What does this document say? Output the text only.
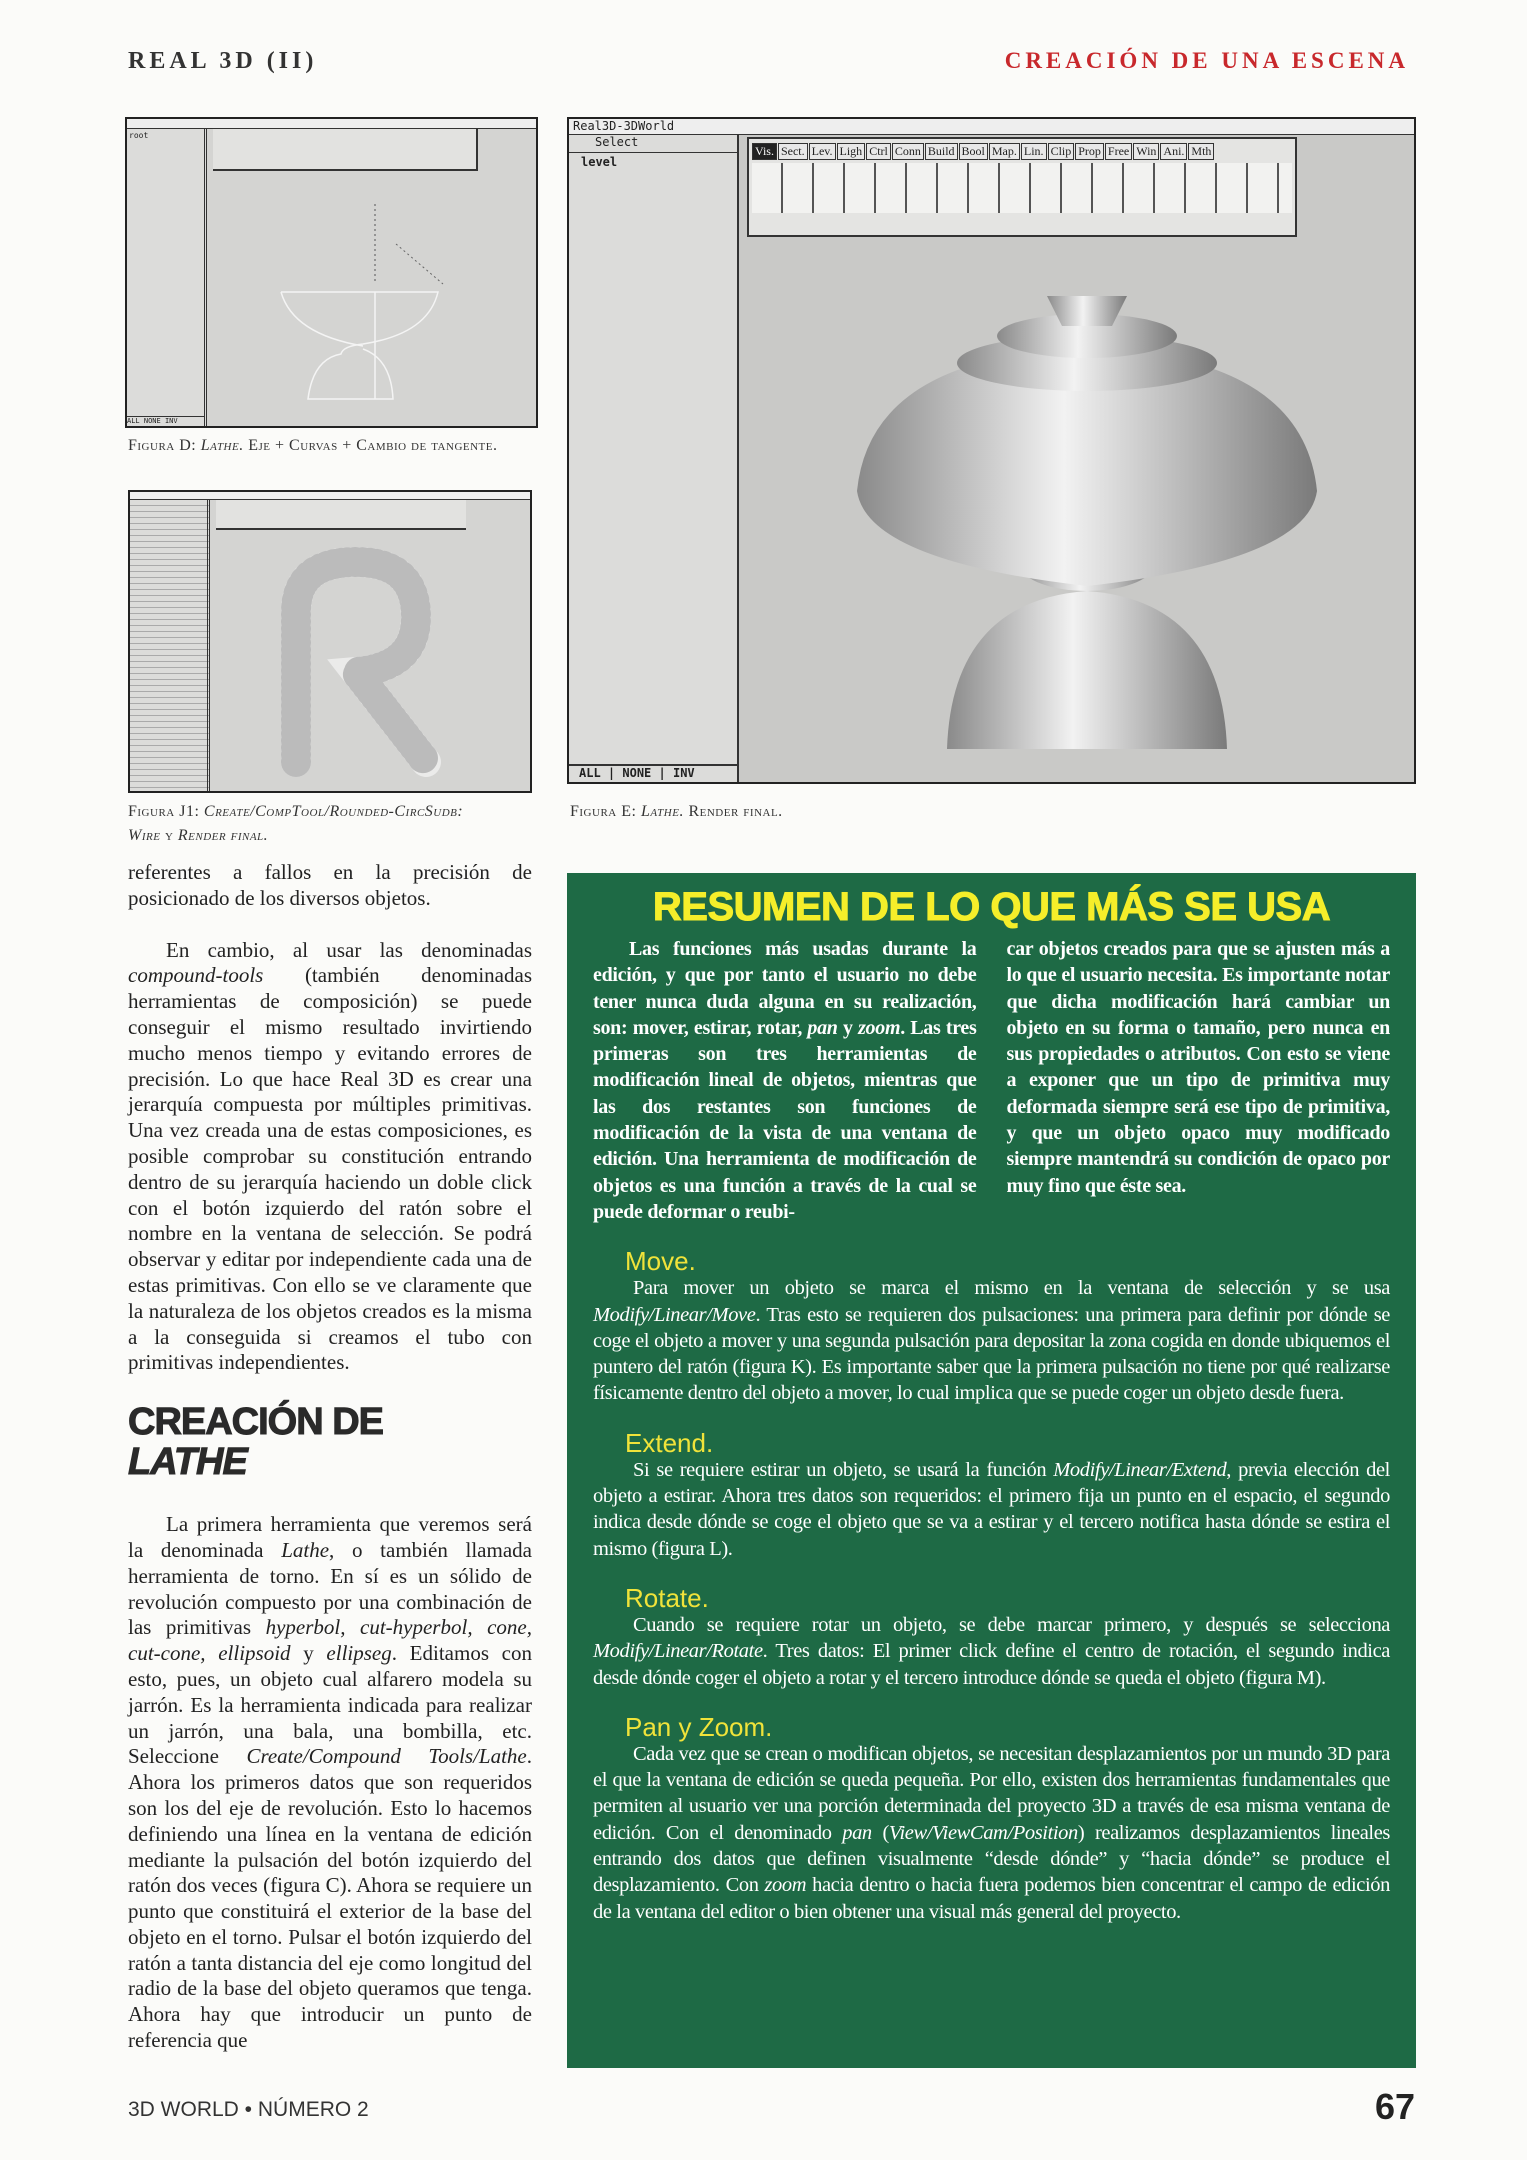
REAL 3D (II)	CREACIÓN DE UNA ESCENA
root
ALL NONE INV
Figura D: Lathe. Eje + Curvas + Cambio de tangente.
Figura J1: Create/CompTool/Rounded-CircSudb:
Wire y Render final.
Real3D-3DWorld
Select
level
ALL | NONE | INV
Vis. Sect. Lev. Ligh Ctrl Conn Build Bool Map. Lin. Clip Prop Free Win Ani. Mth
Figura E: Lathe. Render final.
referentes a fallos en la precisión de posicionado de los diversos objetos.

En cambio, al usar las denominadas compound-tools (también denominadas herramientas de composición) se puede conseguir el mismo resultado invirtiendo mucho menos tiempo y evitando errores de precisión. Lo que hace Real 3D es crear una jerarquía compuesta por múltiples primitivas. Una vez creada una de estas composiciones, es posible comprobar su constitución entrando dentro de su jerarquía haciendo un doble click con el botón izquierdo del ratón sobre el nombre en la ventana de selección. Se podrá observar y editar por independiente cada una de estas primitivas. Con ello se ve claramente que la naturaleza de los objetos creados es la misma a la conseguida si creamos el tubo con primitivas independientes.

CREACIÓN DE
LATHE

La primera herramienta que veremos será la denominada Lathe, o también llamada herramienta de torno. En sí es un sólido de revolución compuesto por una combinación de las primitivas hyperbol, cut-hyperbol, cone, cut-cone, ellipsoid y ellipseg. Editamos con esto, pues, un objeto cual alfarero modela su jarrón. Es la herramienta indicada para realizar un jarrón, una bala, una bombilla, etc. Seleccione Create/Compound Tools/Lathe. Ahora los primeros datos que son requeridos son los del eje de revolución. Esto lo hacemos definiendo una línea en la ventana de edición mediante la pulsación del botón izquierdo del ratón dos veces (figura C). Ahora se requiere un punto que constituirá el exterior de la base del objeto en el torno. Pulsar el botón izquierdo del ratón a tanta distancia del eje como longitud del radio de la base del objeto queramos que tenga. Ahora hay que introducir un punto de referencia que

RESUMEN DE LO QUE MÁS SE USA
Las funciones más usadas durante la edición, y que por tanto el usuario no debe tener nunca duda alguna en su realización, son: mover, estirar, rotar, pan y zoom. Las tres primeras son tres herramientas de modificación lineal de objetos, mientras que las dos restantes son funciones de modificación de la vista de una ventana de edición. Una herramienta de modificación de objetos es una función a través de la cual se puede deformar o reubi-
car objetos creados para que se ajusten más a lo que el usuario necesita. Es importante notar que dicha modificación hará cambiar un objeto en su forma o tamaño, pero nunca en sus propiedades o atributos. Con esto se viene a exponer que un tipo de primitiva muy deformada siempre será ese tipo de primitiva, y que un objeto opaco muy modificado siempre mantendrá su condición de opaco por muy fino que éste sea.
Move.
Para mover un objeto se marca el mismo en la ventana de selección y se usa Modify/Linear/Move. Tras esto se requieren dos pulsaciones: una primera para definir por dónde se coge el objeto a mover y una segunda pulsación para depositar la zona cogida en donde ubiquemos el puntero del ratón (figura K). Es importante saber que la primera pulsación no tiene por qué realizarse físicamente dentro del objeto a mover, lo cual implica que se puede coger un objeto desde fuera.
Extend.
Si se requiere estirar un objeto, se usará la función Modify/Linear/Extend, previa elección del objeto a estirar. Ahora tres datos son requeridos: el primero fija un punto en el espacio, el segundo indica desde dónde se coge el objeto que se va a estirar y el tercero notifica hasta dónde se estira el mismo (figura L).
Rotate.
Cuando se requiere rotar un objeto, se debe marcar primero, y después se selecciona Modify/Linear/Rotate. Tres datos: El primer click define el centro de rotación, el segundo indica desde dónde coger el objeto a rotar y el tercero introduce dónde se queda el objeto (figura M).
Pan y Zoom.
Cada vez que se crean o modifican objetos, se necesitan desplazamientos por un mundo 3D para el que la ventana de edición se queda pequeña. Por ello, existen dos herramientas fundamentales que permiten al usuario ver una porción determinada del proyecto 3D a través de esa misma ventana de edición. Con el denominado pan (View/ViewCam/Position) realizamos desplazamientos lineales entrando dos datos que definen visualmente “desde dónde” y “hacia dónde” se produce el desplazamiento. Con zoom hacia dentro o hacia fuera podemos bien concentrar el campo de edición de la ventana del editor o bien obtener una visual más general del proyecto.
3D WORLD • NÚMERO 2	67
